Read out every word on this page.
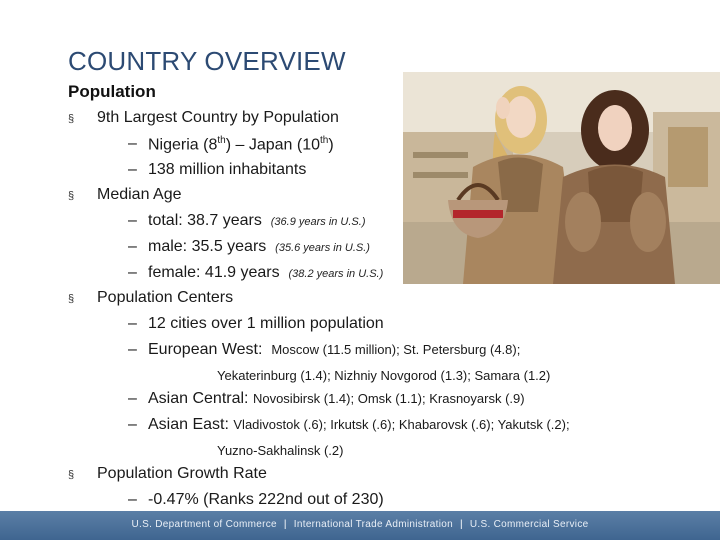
COUNTRY OVERVIEW
Population
§ 9th Largest Country by Population
– Nigeria (8th) – Japan (10th)
– 138 million inhabitants
§ Median Age
– total: 38.7 years (36.9 years in U.S.)
– male: 35.5 years (35.6 years in U.S.)
– female: 41.9 years (38.2 years in U.S.)
§ Population Centers
– 12 cities over 1 million population
– European West: Moscow (11.5 million); St. Petersburg (4.8);
Yekaterinburg (1.4); Nizhniy Novgorod (1.3); Samara (1.2)
– Asian Central: Novosibirsk (1.4); Omsk (1.1); Krasnoyarsk (.9)
– Asian East: Vladivostok (.6); Irkutsk (.6); Khabarovsk (.6); Yakutsk (.2);
Yuzno-Sakhalinsk (.2)
§ Population Growth Rate
– -0.47% (Ranks 222nd out of 230)
U.S. Department of Commerce | International Trade Administration | U.S. Commercial Service
